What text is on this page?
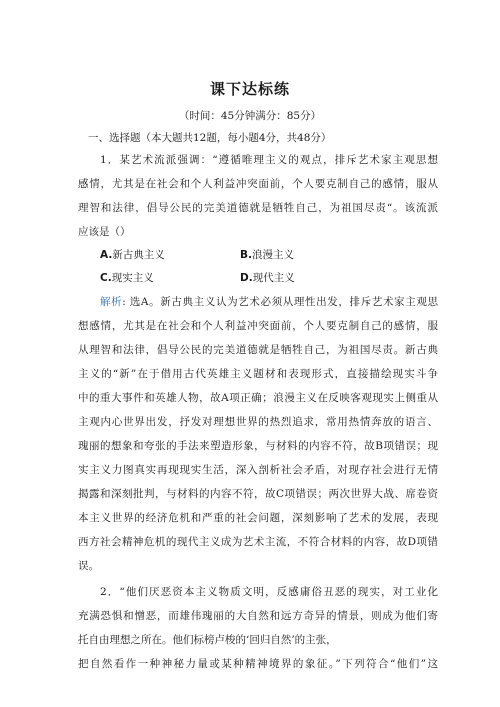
课下达标练
（时间：45分钟满分：85分）
一、选择题（本大题共12题，每小题4分，共48分）
1．某艺术流派强调：“遵循唯理主义的观点，排斥艺术家主观思想
感情，尤其是在社会和个人利益冲突面前，个人要克制自己的感情，服从
理智和法律，倡导公民的完美道德就是牺牲自己，为祖国尽责“。该流派
应该是（）
A.新古典主义	B.浪漫主义
C.现实主义	D.现代主义
解析: 选A。新古典主义认为艺术必须从理性出发，排斥艺术家主观思
想感情，尤其是在社会和个人利益冲突面前，个人要克制自己的感情，服
从理智和法律，倡导公民的完美道德就是牺牲自己，为祖国尽责。新古典
主义的“新”在于借用古代英雄主义题材和表现形式，直接描绘现实斗争
中的重大事件和英雄人物，故A项正确；浪漫主义在反映客观现实上侧重从
主观内心世界出发，抒发对理想世界的热烈追求，常用热情奔放的语言、
瑰丽的想象和夸张的手法来塑造形象，与材料的内容不符，故B项错误；现
实主义力图真实再现现实生活，深入剖析社会矛盾，对现存社会进行无情
揭露和深刻批判，与材料的内容不符，故C项错误；两次世界大战、席卷资
本主义世界的经济危机和严重的社会问题，深刻影响了艺术的发展，表现
西方社会精神危机的现代主义成为艺术主流，不符合材料的内容，故D项错
误。
2．“他们厌恶资本主义物质文明，反感庸俗丑恶的现实，对工业化
充满恐惧和憎恶，而雄伟瑰丽的大自然和远方奇异的情景，则成为他们寄
托自由理想之所在。他们标榜卢梭的‘回归自然’的主张，
把自然看作一种神秘力量或某种精神境界的象征。”下列符合“他们”这
